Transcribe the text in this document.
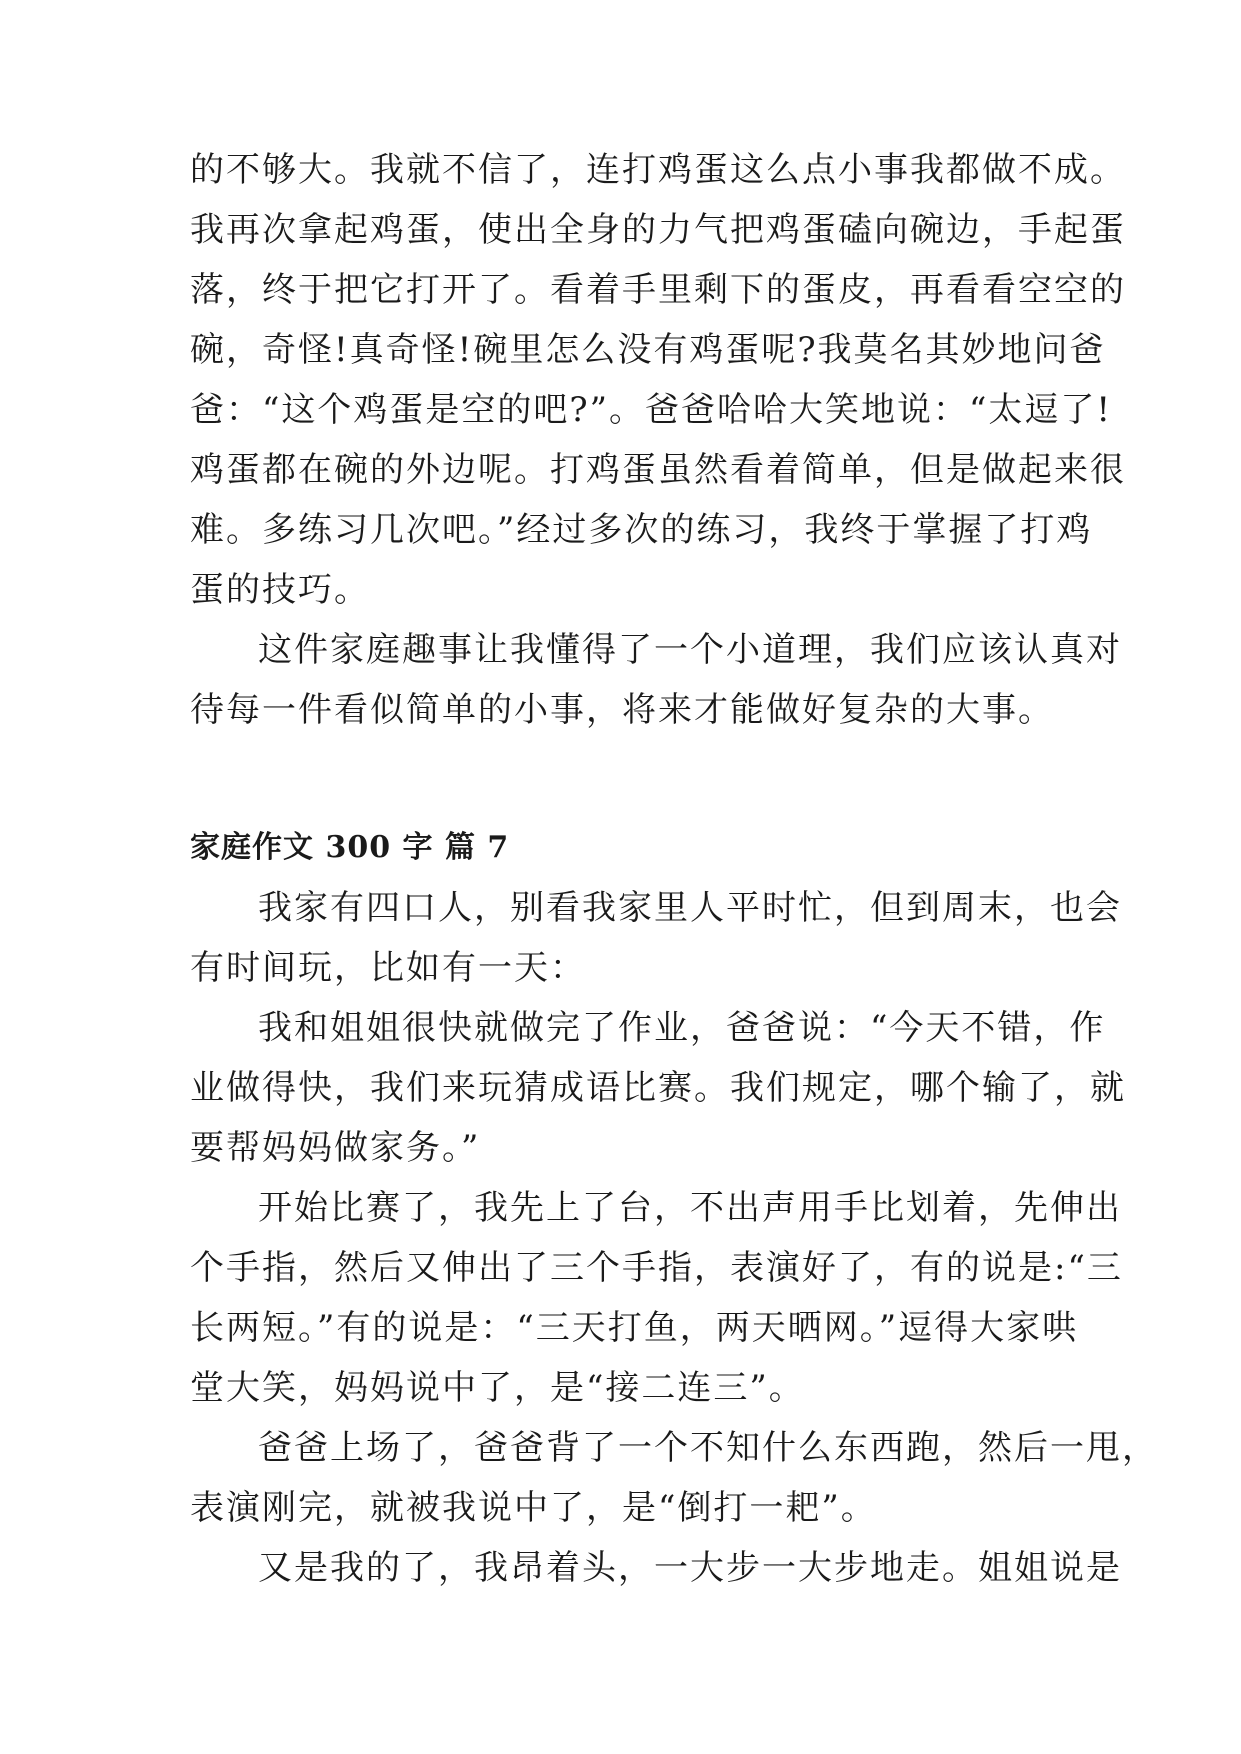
的不够大。我就不信了，连打鸡蛋这么点小事我都做不成。

我再次拿起鸡蛋，使出全身的力气把鸡蛋磕向碗边，手起蛋

落，终于把它打开了。看着手里剩下的蛋皮，再看看空空的

碗，奇怪!真奇怪!碗里怎么没有鸡蛋呢?我莫名其妙地问爸

爸：“这个鸡蛋是空的吧?”。爸爸哈哈大笑地说：“太逗了!

鸡蛋都在碗的外边呢。打鸡蛋虽然看着简单，但是做起来很

难。多练习几次吧。”经过多次的练习，我终于掌握了打鸡

蛋的技巧。

这件家庭趣事让我懂得了一个小道理，我们应该认真对

待每一件看似简单的小事，将来才能做好复杂的大事。

家庭作文 300 字 篇 7

我家有四口人，别看我家里人平时忙，但到周末，也会

有时间玩，比如有一天：

我和姐姐很快就做完了作业，爸爸说：“今天不错，作

业做得快，我们来玩猜成语比赛。我们规定，哪个输了，就

要帮妈妈做家务。”

开始比赛了，我先上了台，不出声用手比划着，先伸出

个手指，然后又伸出了三个手指，表演好了，有的说是:“三

长两短。”有的说是：“三天打鱼，两天晒网。”逗得大家哄

堂大笑，妈妈说中了，是“接二连三”。

爸爸上场了，爸爸背了一个不知什么东西跑，然后一甩，

表演刚完，就被我说中了，是“倒打一耙”。

又是我的了，我昂着头，一大步一大步地走。姐姐说是
